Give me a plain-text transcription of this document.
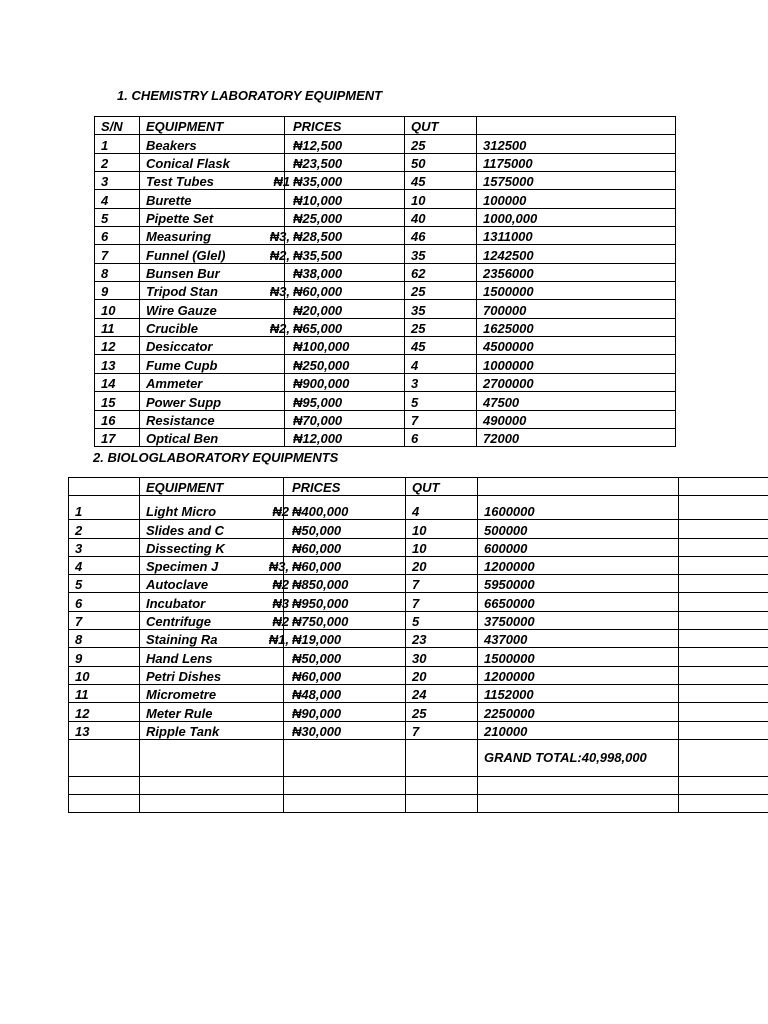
1. CHEMISTRY LABORATORY EQUIPMENT
S/N	EQUIPMENT	PRICES	QUT	
1	Beakers	₦12,500	25	312500
2	Conical Flask	₦23,500	50	1175000
3	Test Tubes	₦1 ₦35,000	45	1575000
4	Burette	₦10,000	10	100000
5	Pipette Set	₦25,000	40	1000,000
6	Measuring	₦3, ₦28,500	46	1311000
7	Funnel (Glel)	₦2, ₦35,500	35	1242500
8	Bunsen Bur	₦38,000	62	2356000
9	Tripod Stan	₦3, ₦60,000	25	1500000
10	Wire Gauze	₦20,000	35	700000
11	Crucible	₦2, ₦65,000	25	1625000
12	Desiccator	₦100,000	45	4500000
13	Fume Cupb	₦250,000	4	1000000
14	Ammeter	₦900,000	3	2700000
15	Power Supp	₦95,000	5	47500
16	Resistance	₦70,000	7	490000
17	Optical Ben	₦12,000	6	72000
2. BIOLOGLABORATORY EQUIPMENTS
	EQUIPMENT	PRICES	QUT		
1	Light Micro	₦2 ₦400,000	4	1600000	
2	Slides and C	₦50,000	10	500000	
3	Dissecting K	₦60,000	10	600000	
4	Specimen J	₦3, ₦60,000	20	1200000	
5	Autoclave	₦2 ₦850,000	7	5950000	
6	Incubator	₦3 ₦950,000	7	6650000	
7	Centrifuge	₦2 ₦750,000	5	3750000	
8	Staining Ra	₦1, ₦19,000	23	437000	
9	Hand Lens	₦50,000	30	1500000	
10	Petri Dishes	₦60,000	20	1200000	
11	Micrometre	₦48,000	24	1152000	
12	Meter Rule	₦90,000	25	2250000	
13	Ripple Tank	₦30,000	7	210000	
				GRAND TOTAL:40,998,000	
